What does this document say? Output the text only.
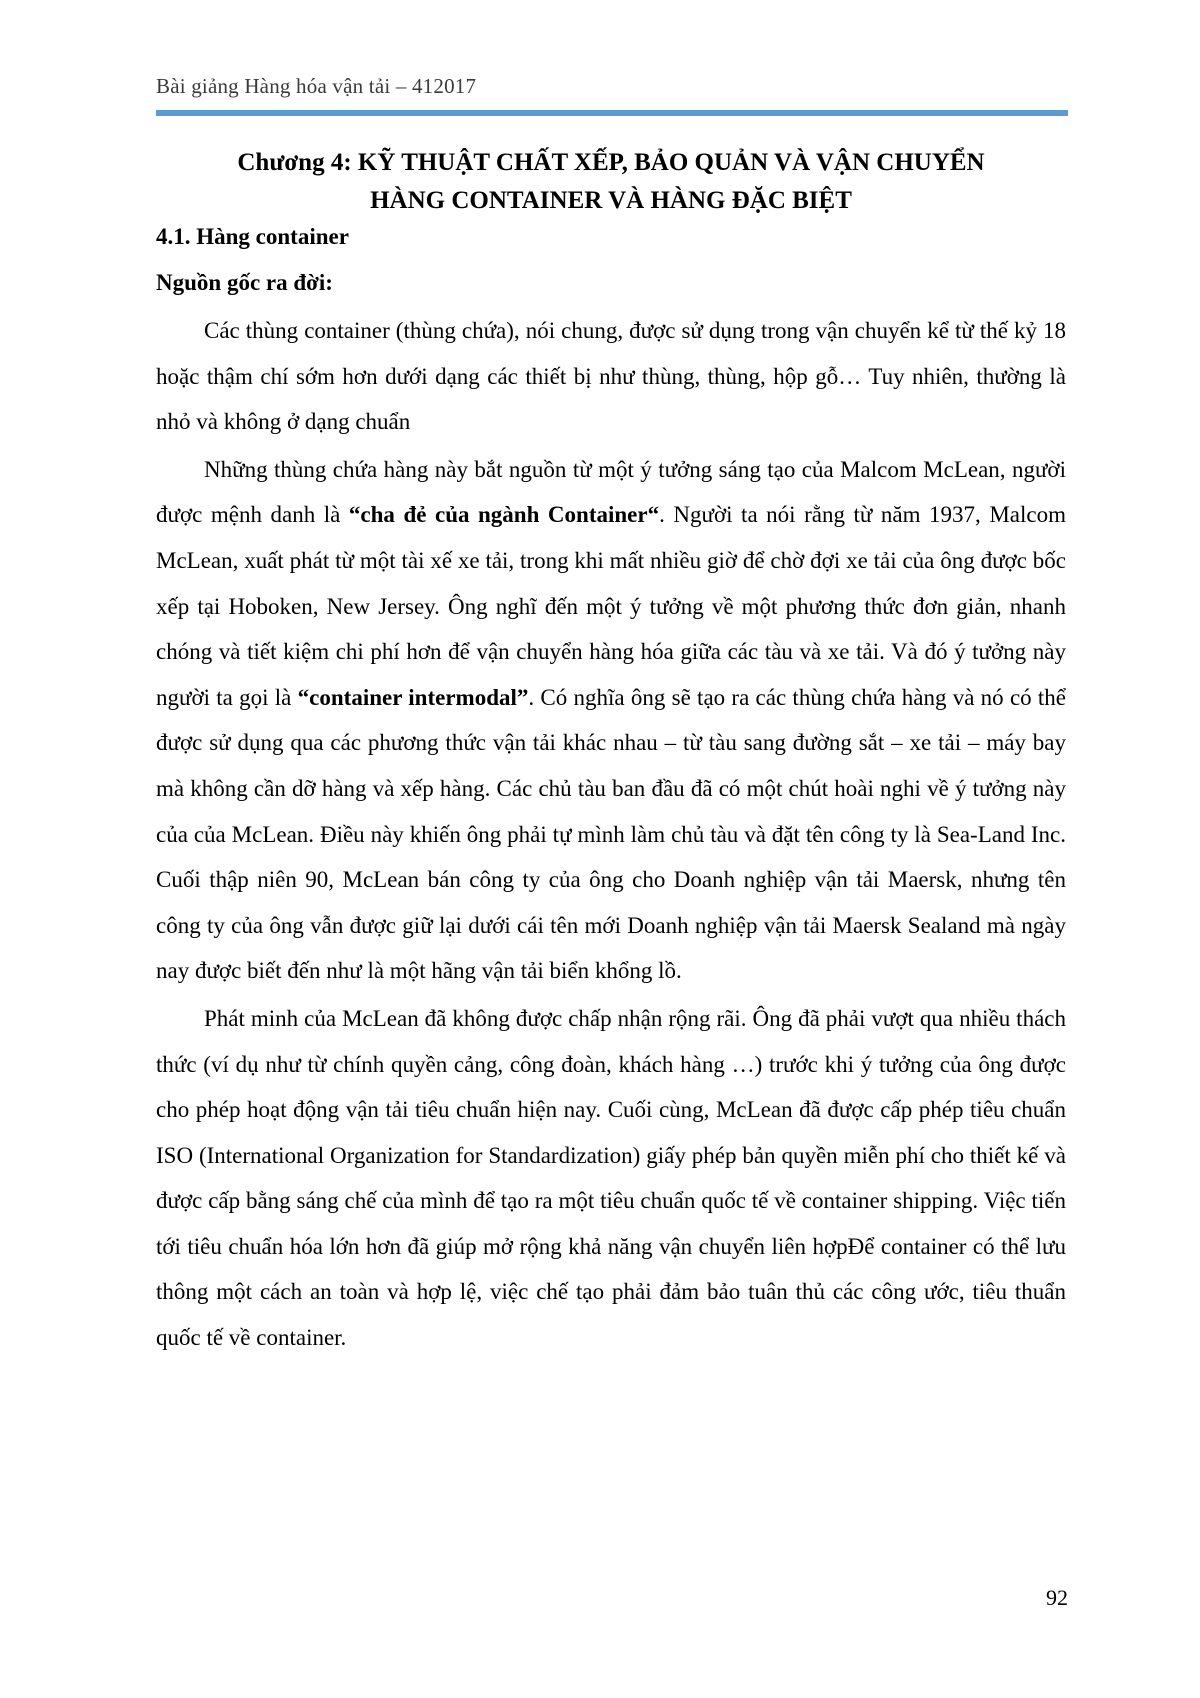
Bài giảng Hàng hóa vận tải – 412017
Chương 4: KỸ THUẬT CHẤT XẾP, BẢO QUẢN VÀ VẬN CHUYỂN
HÀNG CONTAINER VÀ HÀNG ĐẶC BIỆT
4.1. Hàng container
Nguồn gốc ra đời:

Các thùng container (thùng chứa), nói chung, được sử dụng trong vận chuyển kể từ thế kỷ 18 hoặc thậm chí sớm hơn dưới dạng các thiết bị như thùng, thùng, hộp gỗ… Tuy nhiên, thường là nhỏ và không ở dạng chuẩn

Những thùng chứa hàng này bắt nguồn từ một ý tưởng sáng tạo của Malcom McLean, người được mệnh danh là “cha đẻ của ngành Container“. Người ta nói rằng từ năm 1937, Malcom McLean, xuất phát từ một tài xế xe tải, trong khi mất nhiều giờ để chờ đợi xe tải của ông được bốc xếp tại Hoboken, New Jersey. Ông nghĩ đến một ý tưởng về một phương thức đơn giản, nhanh chóng và tiết kiệm chi phí hơn để vận chuyển hàng hóa giữa các tàu và xe tải. Và đó ý tưởng này người ta gọi là “container intermodal”. Có nghĩa ông sẽ tạo ra các thùng chứa hàng và nó có thể được sử dụng qua các phương thức vận tải khác nhau – từ tàu sang đường sắt – xe tải – máy bay mà không cần dỡ hàng và xếp hàng. Các chủ tàu ban đầu đã có một chút hoài nghi về ý tưởng này của của McLean. Điều này khiến ông phải tự mình làm chủ tàu và đặt tên công ty là Sea-Land Inc. Cuối thập niên 90, McLean bán công ty của ông cho Doanh nghiệp vận tải Maersk, nhưng tên công ty của ông vẫn được giữ lại dưới cái tên mới Doanh nghiệp vận tải Maersk Sealand mà ngày nay được biết đến như là một hãng vận tải biển khổng lồ.

Phát minh của McLean đã không được chấp nhận rộng rãi. Ông đã phải vượt qua nhiều thách thức (ví dụ như từ chính quyền cảng, công đoàn, khách hàng …) trước khi ý tưởng của ông được cho phép hoạt động vận tải tiêu chuẩn hiện nay. Cuối cùng, McLean đã được cấp phép tiêu chuẩn ISO (International Organization for Standardization) giấy phép bản quyền miễn phí cho thiết kế và được cấp bằng sáng chế của mình để tạo ra một tiêu chuẩn quốc tế về container shipping. Việc tiến tới tiêu chuẩn hóa lớn hơn đã giúp mở rộng khả năng vận chuyển liên hợpĐể container có thể lưu thông một cách an toàn và hợp lệ, việc chế tạo phải đảm bảo tuân thủ các công ước, tiêu thuẩn quốc tế về container.

92
